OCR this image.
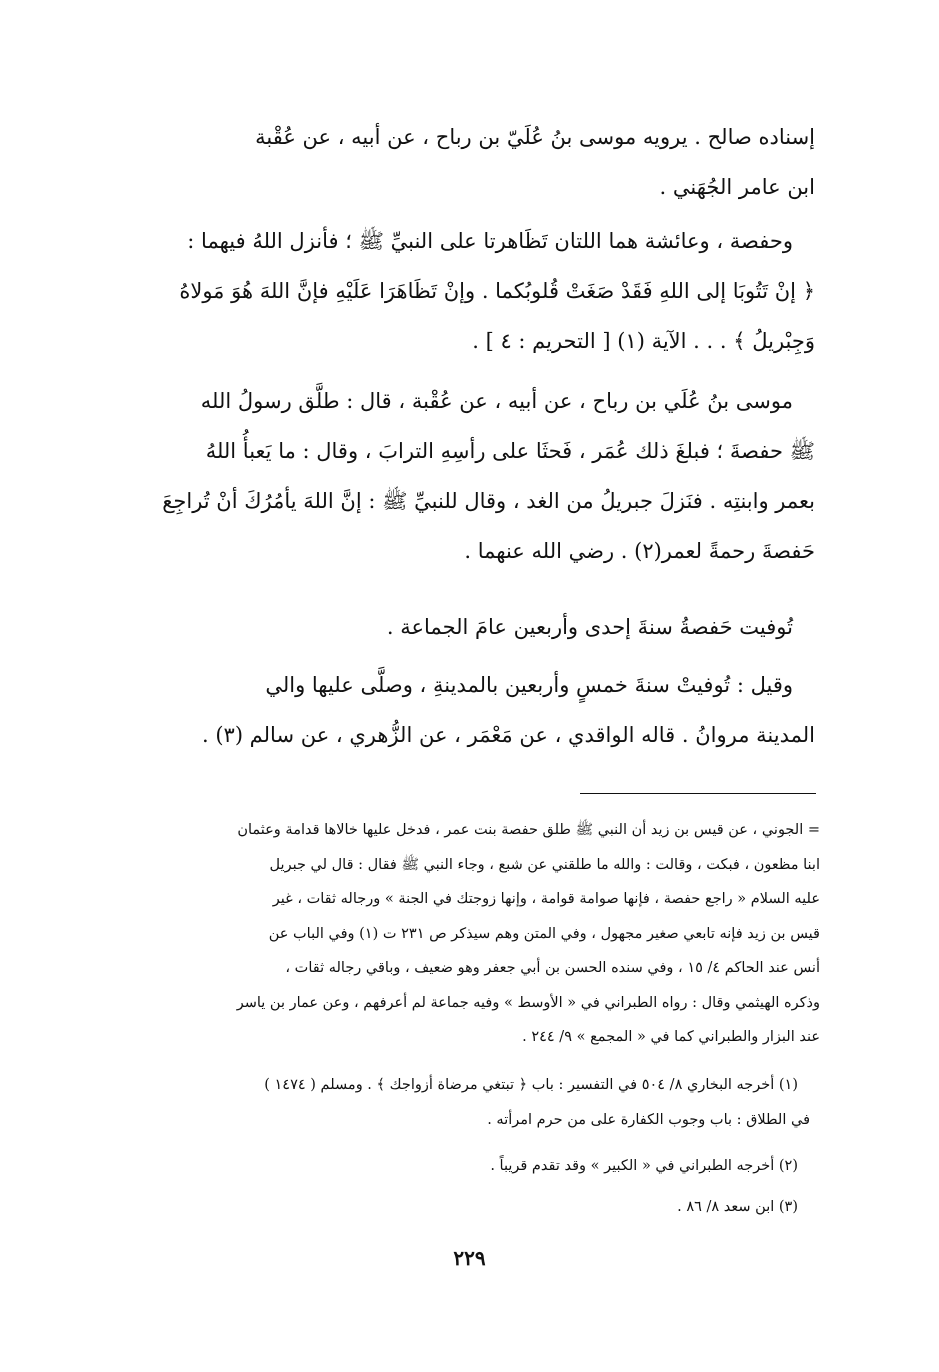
إسناده صالح . يرويه موسى بنُ عُلَيّ بن رباح ، عن أبيه ، عن عُقْبة
ابن عامر الجُهَني .
وحفصة ، وعائشة هما اللتان تَظَاهرتا على النبيِّ ﷺ ؛ فأنزل اللهُ فيهما :
﴿ إنْ تَتُوبَا إلى اللهِ فَقَدْ صَغَتْ قُلوبُكما . وإنْ تَظَاهَرَا عَلَيْهِ فإنَّ اللهَ هُوَ مَولاهُ
وَجِبْريلُ ﴾ . . . الآية (١) [ التحريم : ٤ ] .
موسى بنُ عُلَي بن رباح ، عن أبيه ، عن عُقْبة ، قال : طلَّق رسولُ الله
ﷺ حفصةَ ؛ فبلغَ ذلك عُمَر ، فَحثَا على رأسِهِ الترابَ ، وقال : ما يَعبأُ اللهُ
بعمر وابنتِه . فنَزلَ جبريلُ من الغد ، وقال للنبيِّ ﷺ : إنَّ اللهَ يأمُرُكَ أنْ تُراجِعَ
حَفصةَ رحمةً لعمر(٢) . رضي الله عنهما .
تُوفيت حَفصةُ سنةَ إحدى وأربعين عامَ الجماعة .
وقيل : تُوفيتْ سنةَ خمسٍ وأربعين بالمدينةِ ، وصلَّى عليها والي
المدينة مروانُ . قاله الواقدي ، عن مَعْمَر ، عن الزُّهري ، عن سالم (٣) .
= الجوني ، عن قيس بن زيد أن النبي ﷺ طلق حفصة بنت عمر ، فدخل عليها خالاها قدامة وعثمان
ابنا مظعون ، فبكت ، وقالت : والله ما طلقني عن شبع ، وجاء النبي ﷺ فقال : قال لي جبريل
عليه السلام « راجع حفصة ، فإنها صوامة قوامة ، وإنها زوجتك في الجنة » ورجاله ثقات ، غير
قيس بن زيد فإنه تابعي صغير مجهول ، وفي المتن وهم سيذكر ص ٢٣١ ت (١) وفي الباب عن
أنس عند الحاكم ٤/ ١٥ ، وفي سنده الحسن بن أبي جعفر وهو ضعيف ، وباقي رجاله ثقات ،
وذكره الهيثمي وقال : رواه الطبراني في « الأوسط » وفيه جماعة لم أعرفهم ، وعن عمار بن ياسر
عند البزار والطبراني كما في « المجمع » ٩/ ٢٤٤ .
(١) أخرجه البخاري ٨/ ٥٠٤ في التفسير : باب ﴿ تبتغي مرضاة أزواجك ﴾ . ومسلم ( ١٤٧٤ )
في الطلاق : باب وجوب الكفارة على من حرم امرأته .
(٢) أخرجه الطبراني في « الكبير » وقد تقدم قريباً .
(٣) ابن سعد ٨/ ٨٦ .
٢٢٩
